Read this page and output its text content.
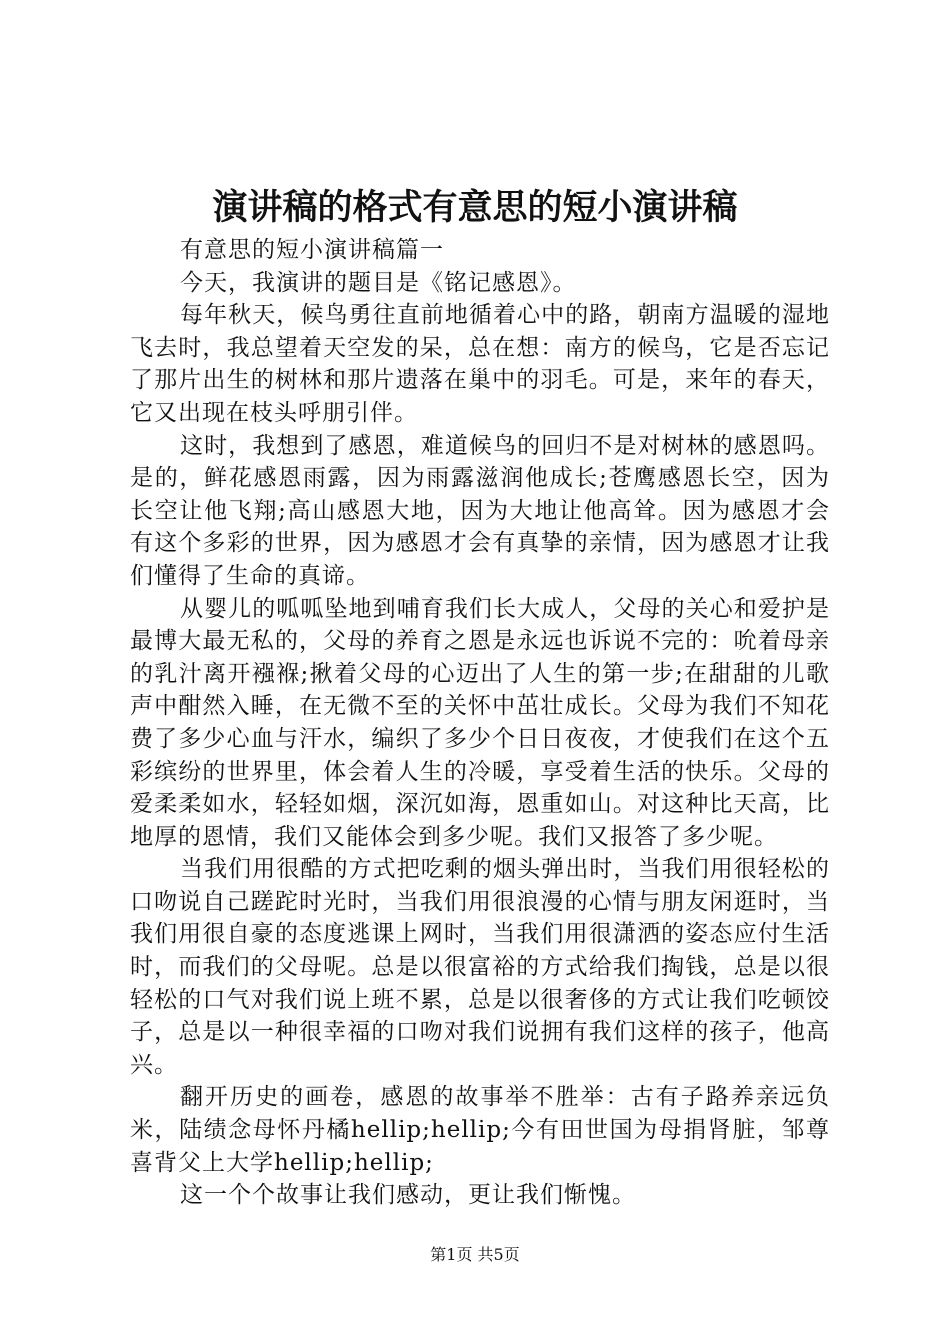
演讲稿的格式有意思的短小演讲稿

有意思的短小演讲稿篇一

今天，我演讲的题目是《铭记感恩》。

每年秋天，候鸟勇往直前地循着心中的路，朝南方温暖的湿地飞去时，我总望着天空发的呆，总在想：南方的候鸟，它是否忘记了那片出生的树林和那片遗落在巢中的羽毛。可是，来年的春天，它又出现在枝头呼朋引伴。

这时，我想到了感恩，难道候鸟的回归不是对树林的感恩吗。是的，鲜花感恩雨露，因为雨露滋润他成长;苍鹰感恩长空，因为长空让他飞翔;高山感恩大地，因为大地让他高耸。因为感恩才会有这个多彩的世界，因为感恩才会有真挚的亲情，因为感恩才让我们懂得了生命的真谛。

从婴儿的呱呱坠地到哺育我们长大成人，父母的关心和爱护是最博大最无私的，父母的养育之恩是永远也诉说不完的：吮着母亲的乳汁离开襁褓;揪着父母的心迈出了人生的第一步;在甜甜的儿歌声中酣然入睡，在无微不至的关怀中茁壮成长。父母为我们不知花费了多少心血与汗水，编织了多少个日日夜夜，才使我们在这个五彩缤纷的世界里，体会着人生的冷暖，享受着生活的快乐。父母的爱柔柔如水，轻轻如烟，深沉如海，恩重如山。对这种比天高，比地厚的恩情，我们又能体会到多少呢。我们又报答了多少呢。

当我们用很酷的方式把吃剩的烟头弹出时，当我们用很轻松的口吻说自己蹉跎时光时，当我们用很浪漫的心情与朋友闲逛时，当我们用很自豪的态度逃课上网时，当我们用很潇洒的姿态应付生活时，而我们的父母呢。总是以很富裕的方式给我们掏钱，总是以很轻松的口气对我们说上班不累，总是以很奢侈的方式让我们吃顿饺子，总是以一种很幸福的口吻对我们说拥有我们这样的孩子，他高兴。

翻开历史的画卷，感恩的故事举不胜举：古有子路养亲远负米，陆绩念母怀丹橘hellip;hellip;今有田世国为母捐肾脏，邹尊喜背父上大学hellip;hellip;

这一个个故事让我们感动，更让我们惭愧。

第1页 共5页
